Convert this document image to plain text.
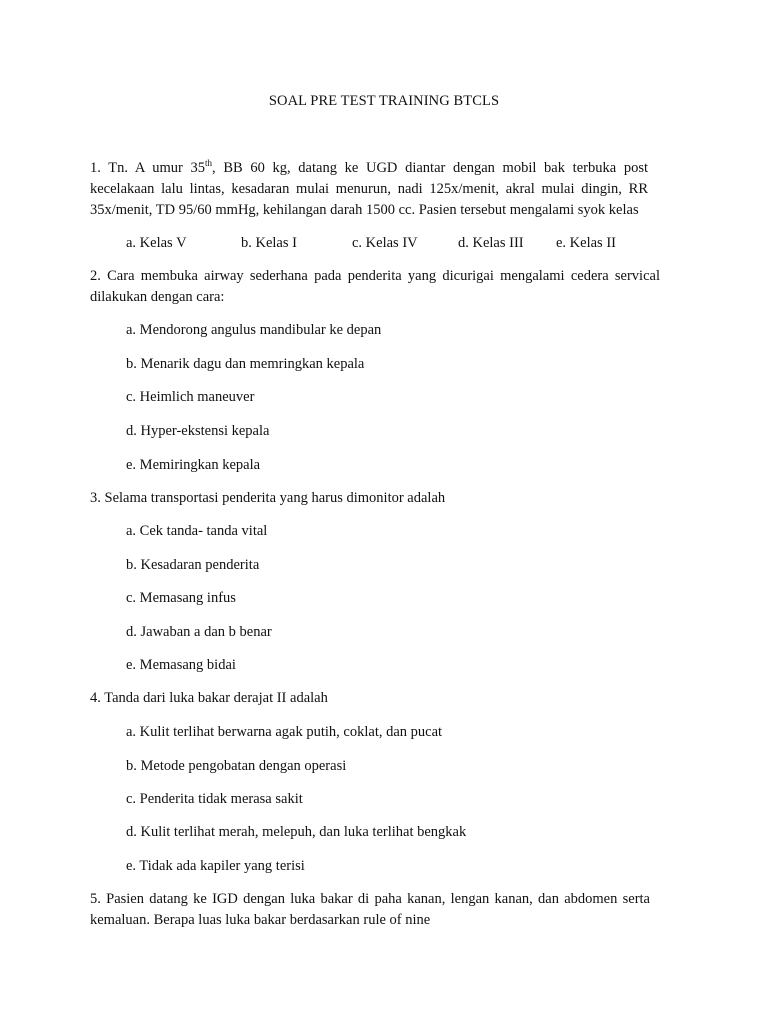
SOAL PRE TEST TRAINING BTCLS

1. Tn. A umur 35th, BB 60 kg, datang ke UGD diantar dengan mobil bak terbuka post kecelakaan lalu lintas, kesadaran mulai menurun, nadi 125x/menit, akral mulai dingin, RR 35x/menit, TD 95/60 mmHg, kehilangan darah 1500 cc. Pasien tersebut mengalami syok kelas

a. Kelas V	b. Kelas I	c. Kelas IV	d. Kelas III e. Kelas II

2. Cara membuka airway sederhana pada penderita yang dicurigai mengalami cedera servical dilakukan dengan cara:

a. Mendorong angulus mandibular ke depan

b. Menarik dagu dan memringkan kepala

c. Heimlich maneuver

d. Hyper-ekstensi kepala

e. Memiringkan kepala

3. Selama transportasi penderita yang harus dimonitor adalah

a. Cek tanda- tanda vital

b. Kesadaran penderita

c. Memasang infus

d. Jawaban a dan b benar

e. Memasang bidai

4. Tanda dari luka bakar derajat II adalah

a. Kulit terlihat berwarna agak putih, coklat, dan pucat

b. Metode pengobatan dengan operasi

c. Penderita tidak merasa sakit

d. Kulit terlihat merah, melepuh, dan luka terlihat bengkak

e. Tidak ada kapiler yang terisi

5. Pasien datang ke IGD dengan luka bakar di paha kanan, lengan kanan, dan abdomen serta kemaluan. Berapa luas luka bakar berdasarkan rule of nine
